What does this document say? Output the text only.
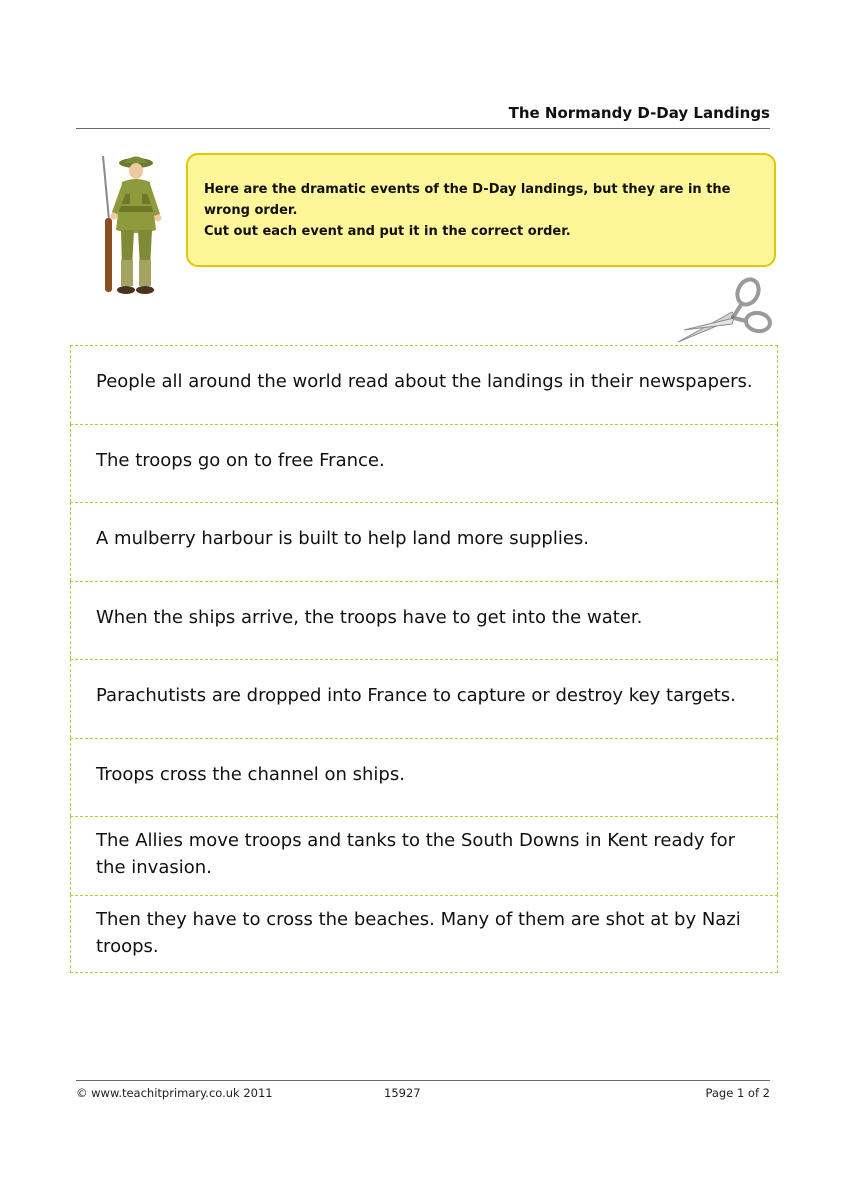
The Normandy D-Day Landings

Here are the dramatic events of the D-Day landings, but they are in the wrong order.

Cut out each event and put it in the correct order.

People all around the world read about the landings in their newspapers.
The troops go on to free France.
A mulberry harbour is built to help land more supplies.
When the ships arrive, the troops have to get into the water.
Parachutists are dropped into France to capture or destroy key targets.
Troops cross the channel on ships.
The Allies move troops and tanks to the South Downs in Kent ready for the invasion.
Then they have to cross the beaches. Many of them are shot at by Nazi troops.
© www.teachitprimary.co.uk 2011	15927	Page 1 of 2
